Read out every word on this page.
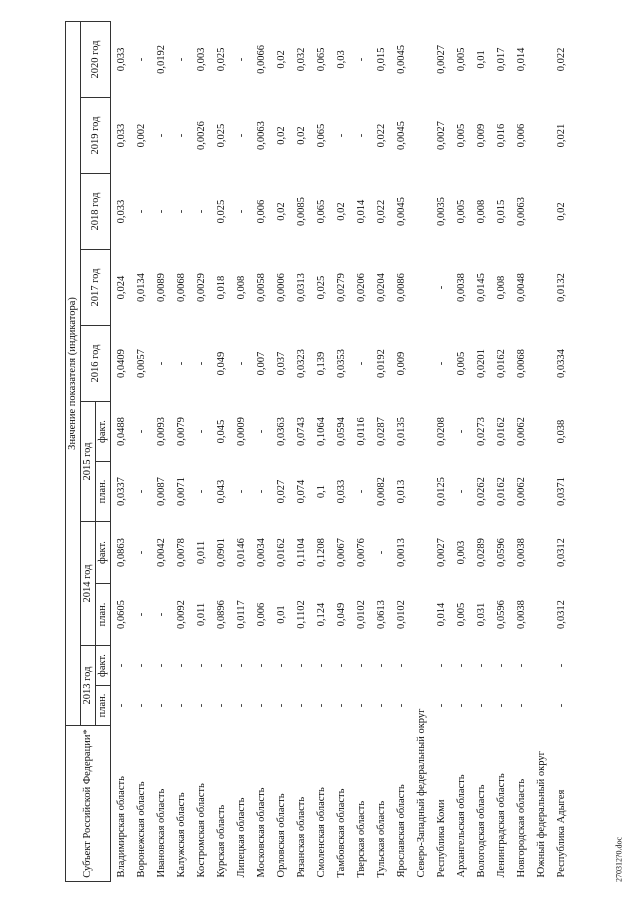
Субъект Российской Федерации*	Значение показателя (индикатора)										
	2013 год		2014 год		2015 год		2016 год	2017 год	2018 год	2019 год	2020 год
	план.	факт.	план.	факт.	план.	факт.					
Владимирская область	-	-	0,0605	0,0863	0,0337	0,0488	0,0409	0,024	0,033	0,033	0,033
Воронежская область	-	-	-	-	-	-	0,0057	0,0134	-	0,002	-
Ивановская область	-	-	-	0,0042	0,0087	0,0093	-	0,0089	-	-	0,0192
Калужская область	-	-	0,0092	0,0078	0,0071	0,0079	-	0,0068	-	-	-
Костромская область	-	-	0,011	0,011	-	-	-	0,0029	-	0,0026	0,003
Курская область	-	-	0,0896	0,0901	0,043	0,045	0,049	0,018	0,025	0,025	0,025
Липецкая область	-	-	0,0117	0,0146	-	0,0009	-	0,008	-	-	-
Московская область	-	-	0,006	0,0034	-	-	0,007	0,0058	0,006	0,0063	0,0066
Орловская область	-	-	0,01	0,0162	0,027	0,0363	0,037	0,0006	0,02	0,02	0,02
Рязанская область	-	-	0,1102	0,1104	0,074	0,0743	0,0323	0,0313	0,0085	0,02	0,032
Смоленская область	-	-	0,124	0,1208	0,1	0,1064	0,139	0,025	0,065	0,065	0,065
Тамбовская область	-	-	0,049	0,0067	0,033	0,0594	0,0353	0,0279	0,02	-	0,03
Тверская область	-	-	0,0102	0,0076	-	0,0116	-	0,0206	0,014	-	-
Тульская область	-	-	0,0613	-	0,0082	0,0287	0,0192	0,0204	0,022	0,022	0,015
Ярославская область	-	-	0,0102	0,0013	0,013	0,0135	0,009	0,0086	0,0045	0,0045	0,0045
Северо-Западный федеральный округ											
Республика Коми	-	-	0,014	0,0027	0,0125	0,0208	-	-	0,0035	0,0027	0,0027
Архангельская область	-	-	0,005	0,003	-	-	0,005	0,0038	0,005	0,005	0,005
Вологодская область	-	-	0,031	0,0289	0,0262	0,0273	0,0201	0,0145	0,008	0,009	0,01
Ленинградская область	-	-	0,0596	0,0596	0,0162	0,0162	0,0162	0,008	0,015	0,016	0,017
Новгородская область	-	-	0,0038	0,0038	0,0062	0,0062	0,0068	0,0048	0,0063	0,006	0,014
Южный федеральный округ											
Республика Адыгея	-	-	0,0312	0,0312	0,0371	0,038	0,0334	0,0132	0,02	0,021	0,022
270312?0.doc
